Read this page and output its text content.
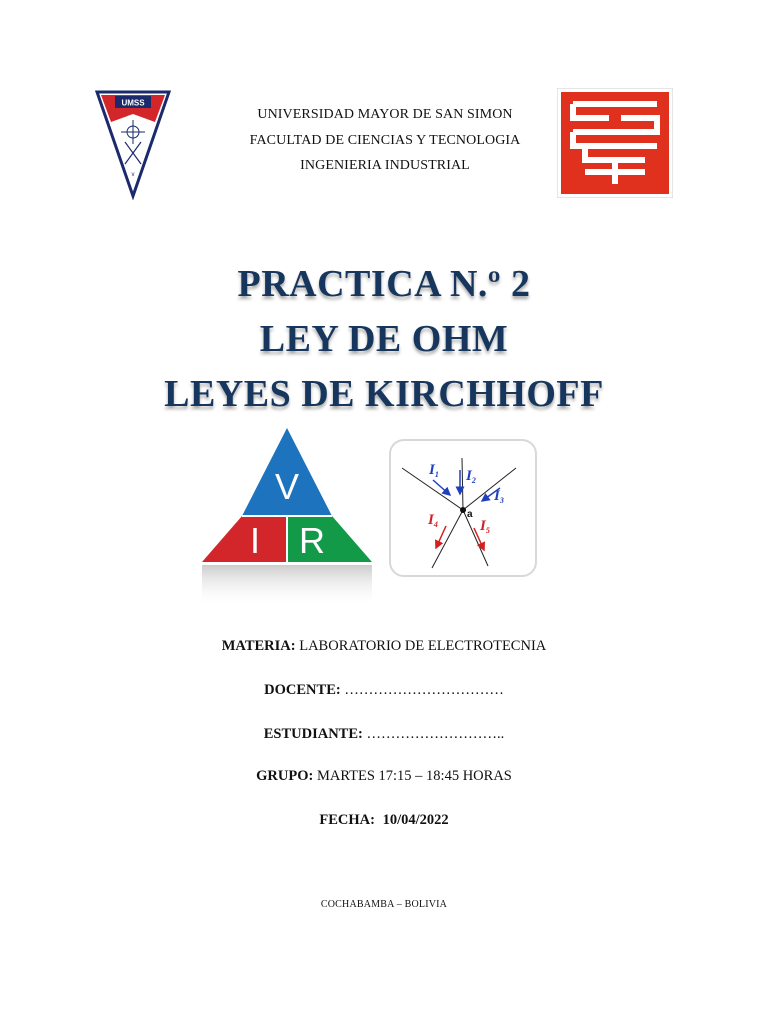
UMSS
v
UNIVERSIDAD MAYOR DE SAN SIMON
FACULTAD DE CIENCIAS Y TECNOLOGIA
INGENIERIA INDUSTRIAL
PRACTICA N.º 2
LEY DE OHM
LEYES DE KIRCHHOFF
V
I R
a
$I_1$ $I_2$
$I_3$
$I_4$	$I_5$
MATERIA: LABORATORIO DE ELECTROTECNIA
DOCENTE: ……………………………
ESTUDIANTE: ………………………..
GRUPO: MARTES 17:15 – 18:45 HORAS
FECHA: 10/04/2022
COCHABAMBA – BOLIVIA
